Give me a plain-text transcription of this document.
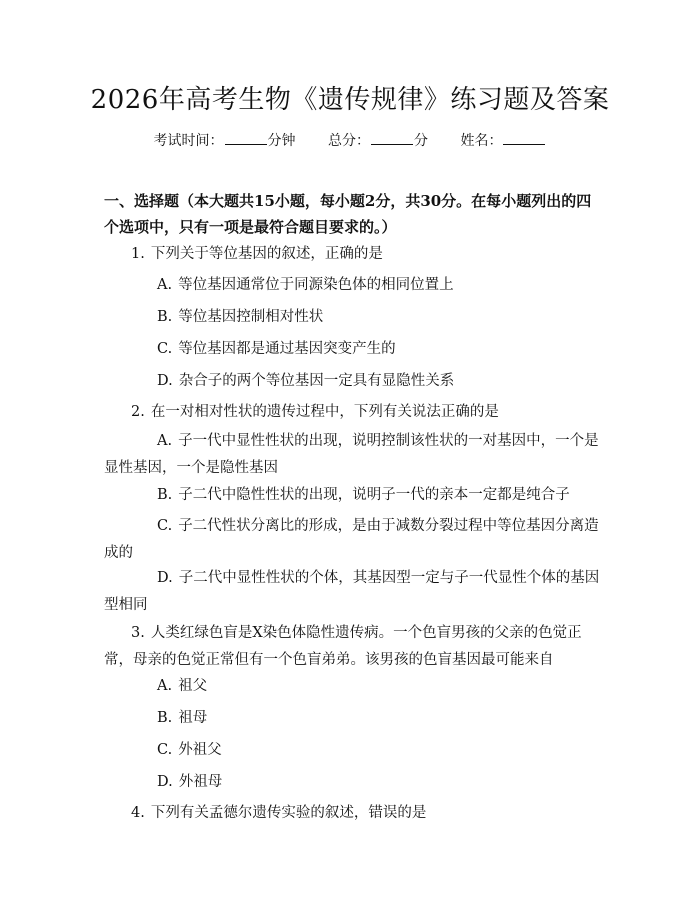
2026年高考生物《遗传规律》练习题及答案
考试时间：	分钟 总分：	分 姓名：
一、选择题（本大题共15小题，每小题2分，共30分。在每小题列出的四个选项中，只有一项是最符合题目要求的。）
1. 下列关于等位基因的叙述，正确的是
A. 等位基因通常位于同源染色体的相同位置上
B. 等位基因控制相对性状
C. 等位基因都是通过基因突变产生的
D. 杂合子的两个等位基因一定具有显隐性关系
2. 在一对相对性状的遗传过程中，下列有关说法正确的是
A. 子一代中显性性状的出现，说明控制该性状的一对基因中，一个是显性基因，一个是隐性基因
B. 子二代中隐性性状的出现，说明子一代的亲本一定都是纯合子
C. 子二代性状分离比的形成，是由于减数分裂过程中等位基因分离造成的
D. 子二代中显性性状的个体，其基因型一定与子一代显性个体的基因型相同
3. 人类红绿色盲是X染色体隐性遗传病。一个色盲男孩的父亲的色觉正常，母亲的色觉正常但有一个色盲弟弟。该男孩的色盲基因最可能来自
A. 祖父
B. 祖母
C. 外祖父
D. 外祖母
4. 下列有关孟德尔遗传实验的叙述，错误的是
